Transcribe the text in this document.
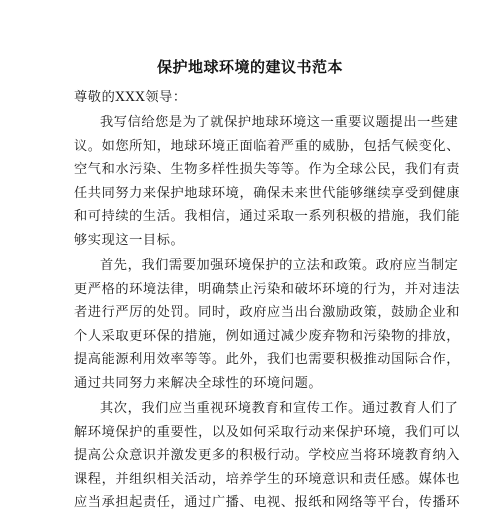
保护地球环境的建议书范本
尊敬的XXX领导：
我写信给您是为了就保护地球环境这一重要议题提出一些建
议。如您所知，地球环境正面临着严重的威胁，包括气候变化、
空气和水污染、生物多样性损失等等。作为全球公民，我们有责
任共同努力来保护地球环境，确保未来世代能够继续享受到健康
和可持续的生活。我相信，通过采取一系列积极的措施，我们能
够实现这一目标。
首先，我们需要加强环境保护的立法和政策。政府应当制定
更严格的环境法律，明确禁止污染和破坏环境的行为，并对违法
者进行严厉的处罚。同时，政府应当出台激励政策，鼓励企业和
个人采取更环保的措施，例如通过减少废弃物和污染物的排放，
提高能源利用效率等等。此外，我们也需要积极推动国际合作，
通过共同努力来解决全球性的环境问题。
其次，我们应当重视环境教育和宣传工作。通过教育人们了
解环境保护的重要性，以及如何采取行动来保护环境，我们可以
提高公众意识并激发更多的积极行动。学校应当将环境教育纳入
课程，并组织相关活动，培养学生的环境意识和责任感。媒体也
应当承担起责任，通过广播、电视、报纸和网络等平台，传播环
